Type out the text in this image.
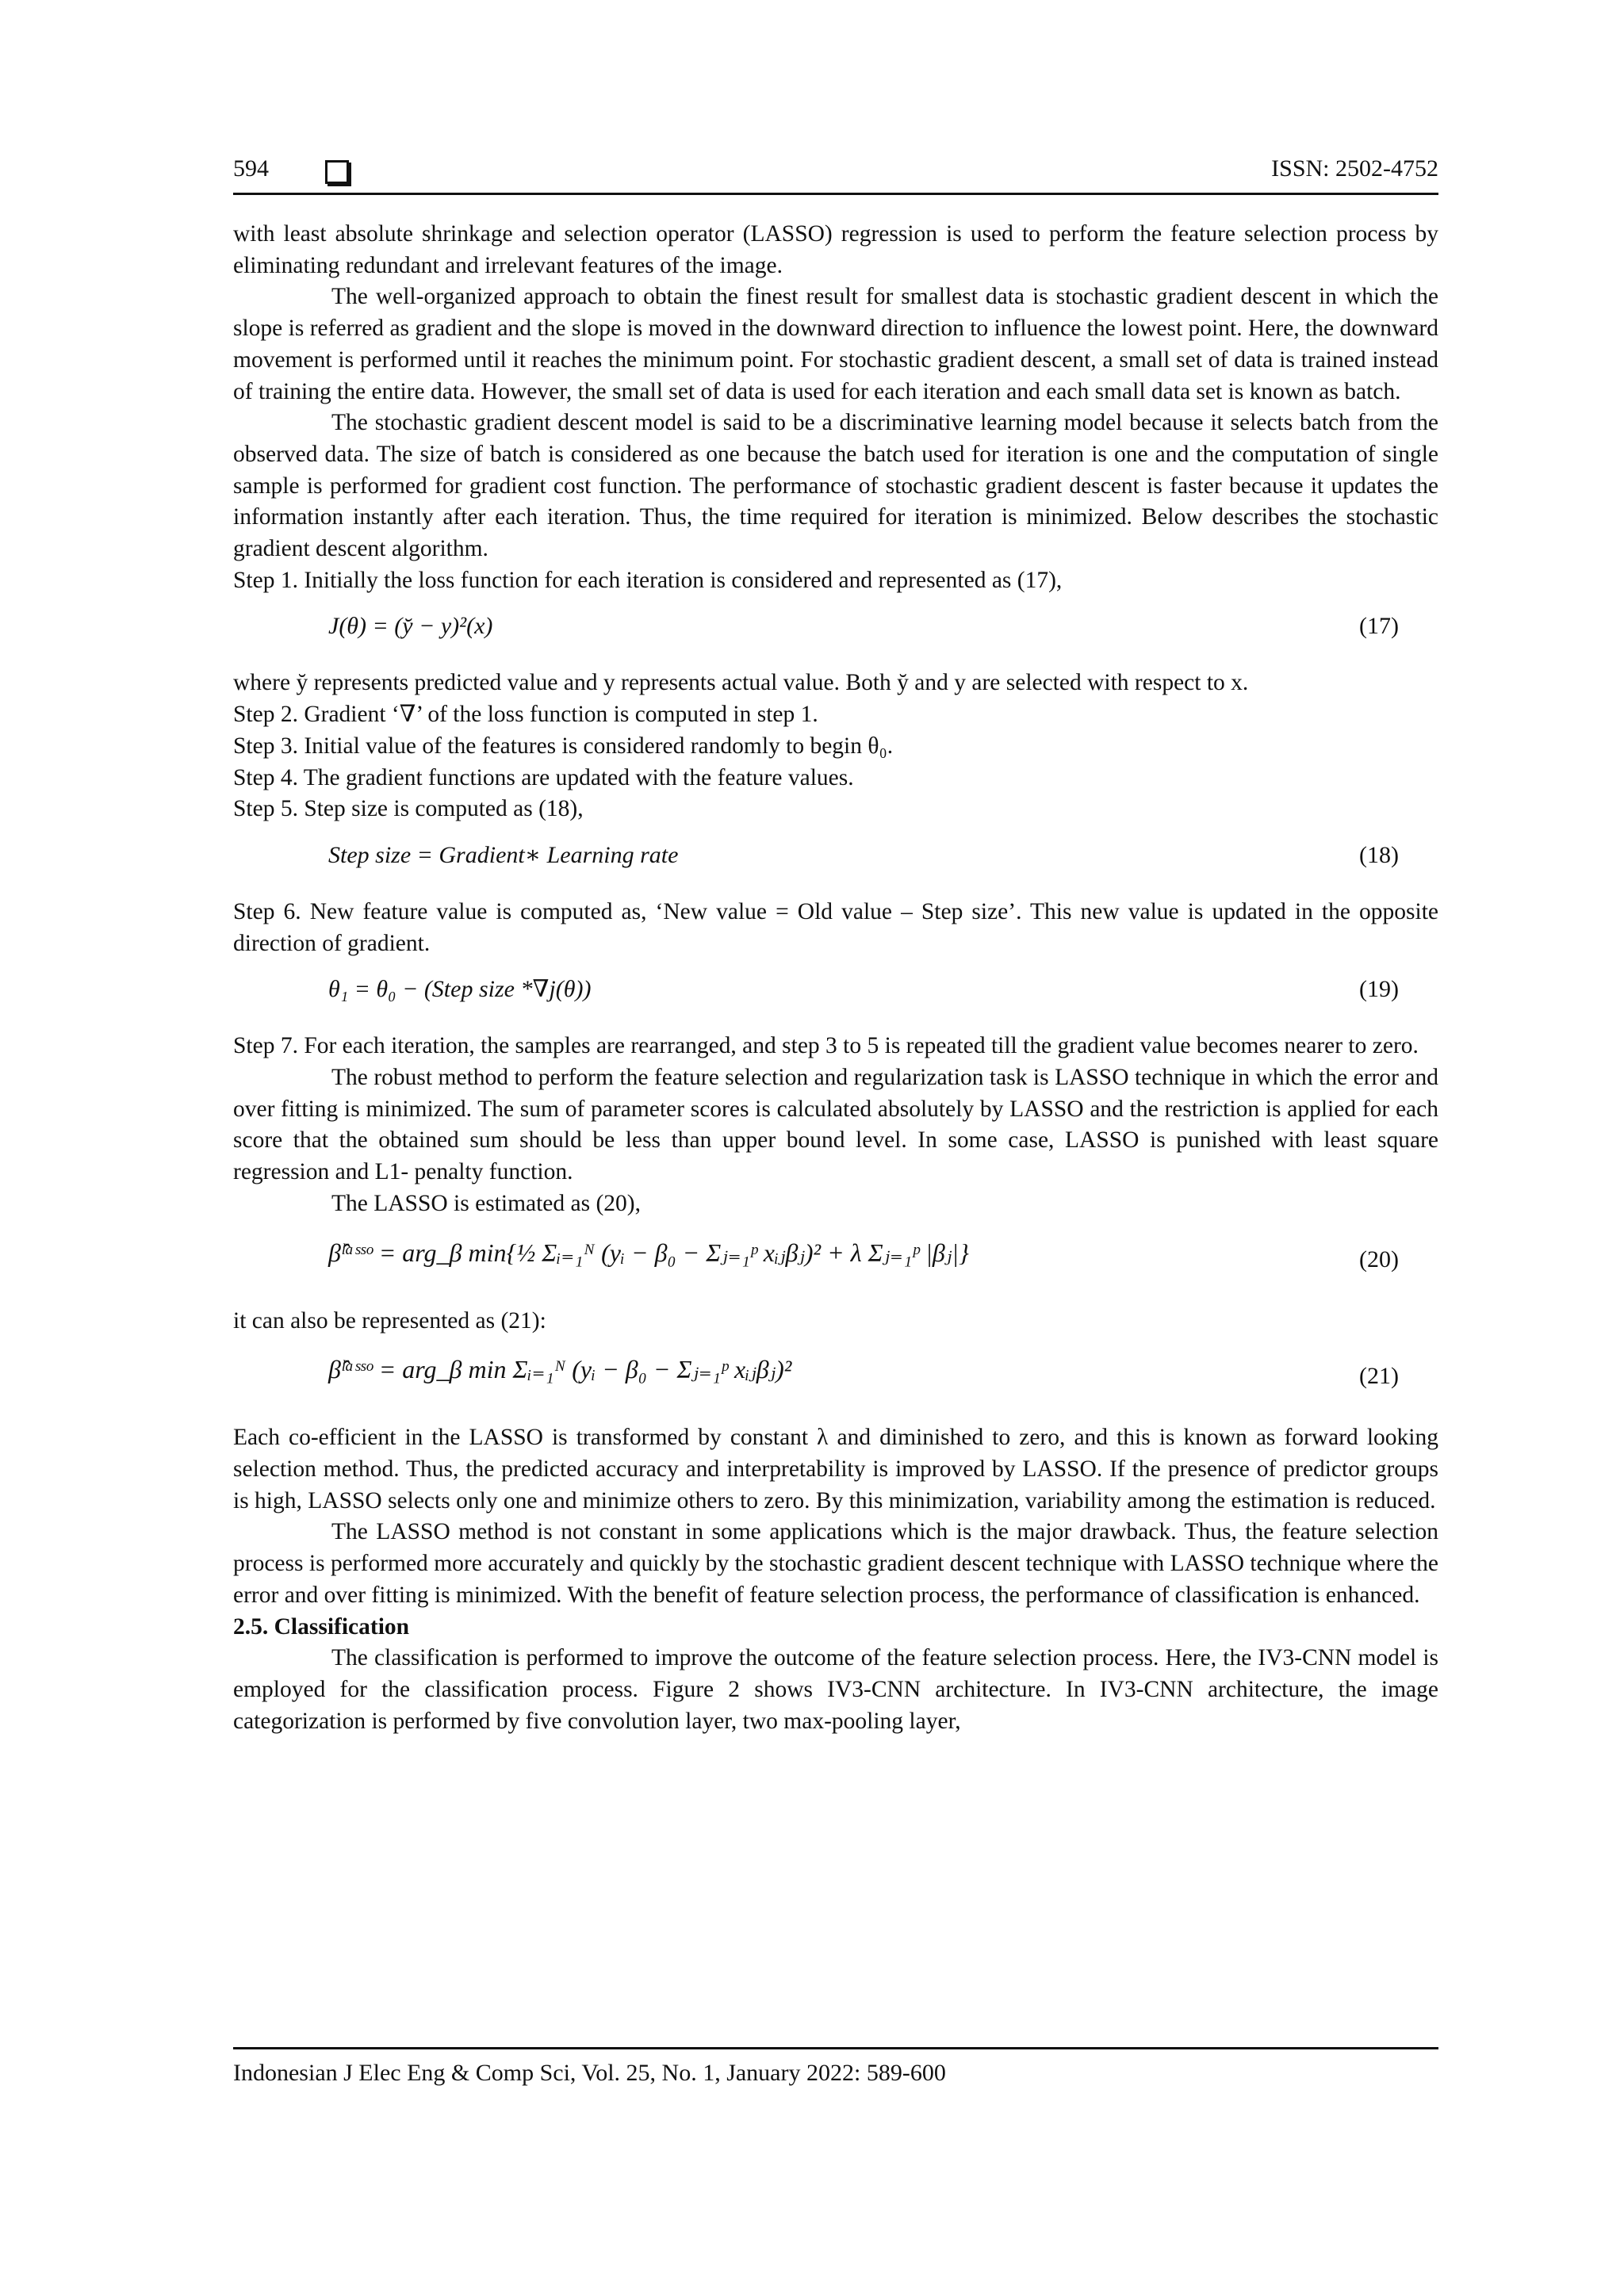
594	ISSN: 2502-4752

with least absolute shrinkage and selection operator (LASSO) regression is used to perform the feature selection process by eliminating redundant and irrelevant features of the image.

The well-organized approach to obtain the finest result for smallest data is stochastic gradient descent in which the slope is referred as gradient and the slope is moved in the downward direction to influence the lowest point. Here, the downward movement is performed until it reaches the minimum point. For stochastic gradient descent, a small set of data is trained instead of training the entire data. However, the small set of data is used for each iteration and each small data set is known as batch.

The stochastic gradient descent model is said to be a discriminative learning model because it selects batch from the observed data. The size of batch is considered as one because the batch used for iteration is one and the computation of single sample is performed for gradient cost function. The performance of stochastic gradient descent is faster because it updates the information instantly after each iteration. Thus, the time required for iteration is minimized. Below describes the stochastic gradient descent algorithm.

Step 1. Initially the loss function for each iteration is considered and represented as (17),

J(θ) = (y̆ − y)²(x)	(17)

where y̆ represents predicted value and y represents actual value. Both y̆ and y are selected with respect to x.

Step 2. Gradient ‘∇’ of the loss function is computed in step 1.

Step 3. Initial value of the features is considered randomly to begin θ₀.

Step 4. The gradient functions are updated with the feature values.

Step 5. Step size is computed as (18),

Step size = Gradient∗ Learning rate	(18)

Step 6. New feature value is computed as, ‘New value = Old value – Step size’. This new value is updated in the opposite direction of gradient.

θ₁ = θ₀ − (Step size *∇j(θ))	(19)

Step 7. For each iteration, the samples are rearranged, and step 3 to 5 is repeated till the gradient value becomes nearer to zero.

The robust method to perform the feature selection and regularization task is LASSO technique in which the error and over fitting is minimized. The sum of parameter scores is calculated absolutely by LASSO and the restriction is applied for each score that the obtained sum should be less than upper bound level. In some case, LASSO is punished with least square regression and L1- penalty function.

The LASSO is estimated as (20),

β̂ˡᵃˢˢᵒ = arg_β min{½ Σᵢ₌₁ᴺ (yᵢ − β₀ − Σⱼ₌₁ᵖ xᵢⱼβⱼ)² + λ Σⱼ₌₁ᵖ |βⱼ|}	(20)

it can also be represented as (21):

β̂ˡᵃˢˢᵒ = arg_β min Σᵢ₌₁ᴺ (yᵢ − β₀ − Σⱼ₌₁ᵖ xᵢⱼβⱼ)²	(21)

Each co-efficient in the LASSO is transformed by constant λ and diminished to zero, and this is known as forward looking selection method. Thus, the predicted accuracy and interpretability is improved by LASSO. If the presence of predictor groups is high, LASSO selects only one and minimize others to zero. By this minimization, variability among the estimation is reduced.

The LASSO method is not constant in some applications which is the major drawback. Thus, the feature selection process is performed more accurately and quickly by the stochastic gradient descent technique with LASSO technique where the error and over fitting is minimized. With the benefit of feature selection process, the performance of classification is enhanced.

2.5. Classification

The classification is performed to improve the outcome of the feature selection process. Here, the IV3-CNN model is employed for the classification process. Figure 2 shows IV3-CNN architecture. In IV3-CNN architecture, the image categorization is performed by five convolution layer, two max-pooling layer,

Indonesian J Elec Eng & Comp Sci, Vol. 25, No. 1, January 2022: 589-600
